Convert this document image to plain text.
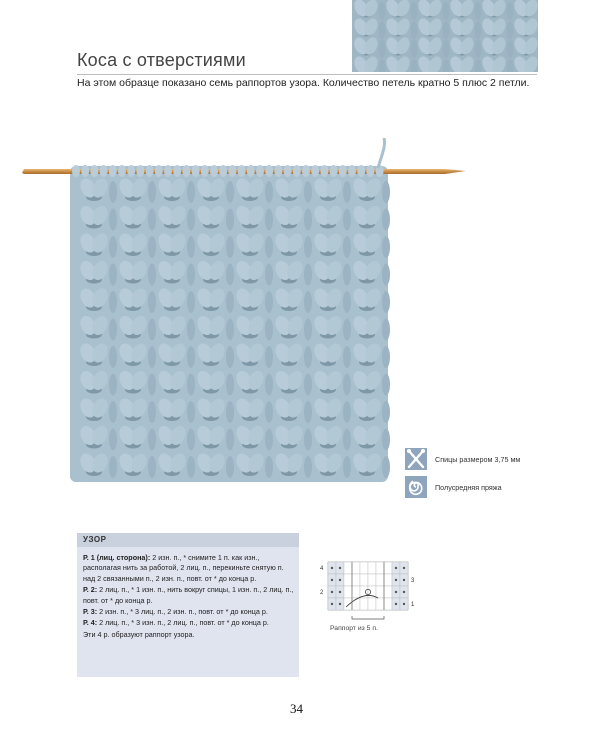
Коса с отверстиями
На этом образце показано семь раппортов узора. Количество петель кратно 5 плюс 2 петли.
Спицы размером 3,75 мм
Полусредняя пряжа
УЗОР

Р. 1 (лиц. сторона): 2 изн. п., * снимите 1 п. как изн., располагая нить за работой, 2 лиц. п., перекиньте снятую п. над 2 связанными п., 2 изн. п., повт. от * до конца р.

Р. 2: 2 лиц. п., * 1 изн. п., нить вокруг спицы, 1 изн. п., 2 лиц. п., повт. от * до конца р.

Р. 3: 2 изн. п., * 3 лиц. п., 2 изн. п., повт. от * до конца р.

Р. 4: 2 лиц. п., * 3 изн. п., 2 лиц. п., повт. от * до конца р.

Эти 4 р. образуют раппорт узора.

4
2
3
1
Раппорт из 5 п.
34
